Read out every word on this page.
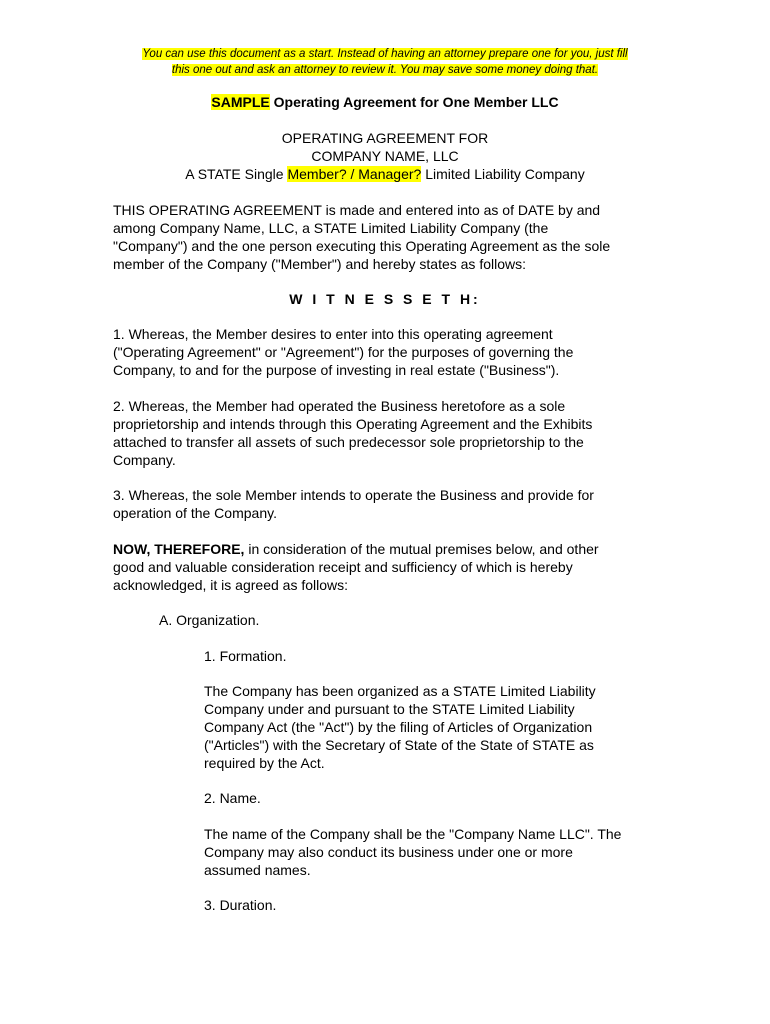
You can use this document as a start. Instead of having an attorney prepare one for you, just fill
this one out and ask an attorney to review it. You may save some money doing that.
SAMPLE Operating Agreement for One Member LLC
OPERATING AGREEMENT FOR
COMPANY NAME, LLC
A STATE Single Member? / Manager? Limited Liability Company
THIS OPERATING AGREEMENT is made and entered into as of DATE by and
among Company Name, LLC, a STATE Limited Liability Company (the
"Company") and the one person executing this Operating Agreement as the sole
member of the Company ("Member") and hereby states as follows:
W I T N E S S E T H:
1. Whereas, the Member desires to enter into this operating agreement
("Operating Agreement" or "Agreement") for the purposes of governing the
Company, to and for the purpose of investing in real estate ("Business").
2. Whereas, the Member had operated the Business heretofore as a sole
proprietorship and intends through this Operating Agreement and the Exhibits
attached to transfer all assets of such predecessor sole proprietorship to the
Company.
3. Whereas, the sole Member intends to operate the Business and provide for
operation of the Company.
NOW, THEREFORE, in consideration of the mutual premises below, and other
good and valuable consideration receipt and sufficiency of which is hereby
acknowledged, it is agreed as follows:
A. Organization.
1. Formation.
The Company has been organized as a STATE Limited Liability
Company under and pursuant to the STATE Limited Liability
Company Act (the "Act") by the filing of Articles of Organization
("Articles") with the Secretary of State of the State of STATE as
required by the Act.
2. Name.
The name of the Company shall be the "Company Name LLC". The
Company may also conduct its business under one or more
assumed names.
3. Duration.
